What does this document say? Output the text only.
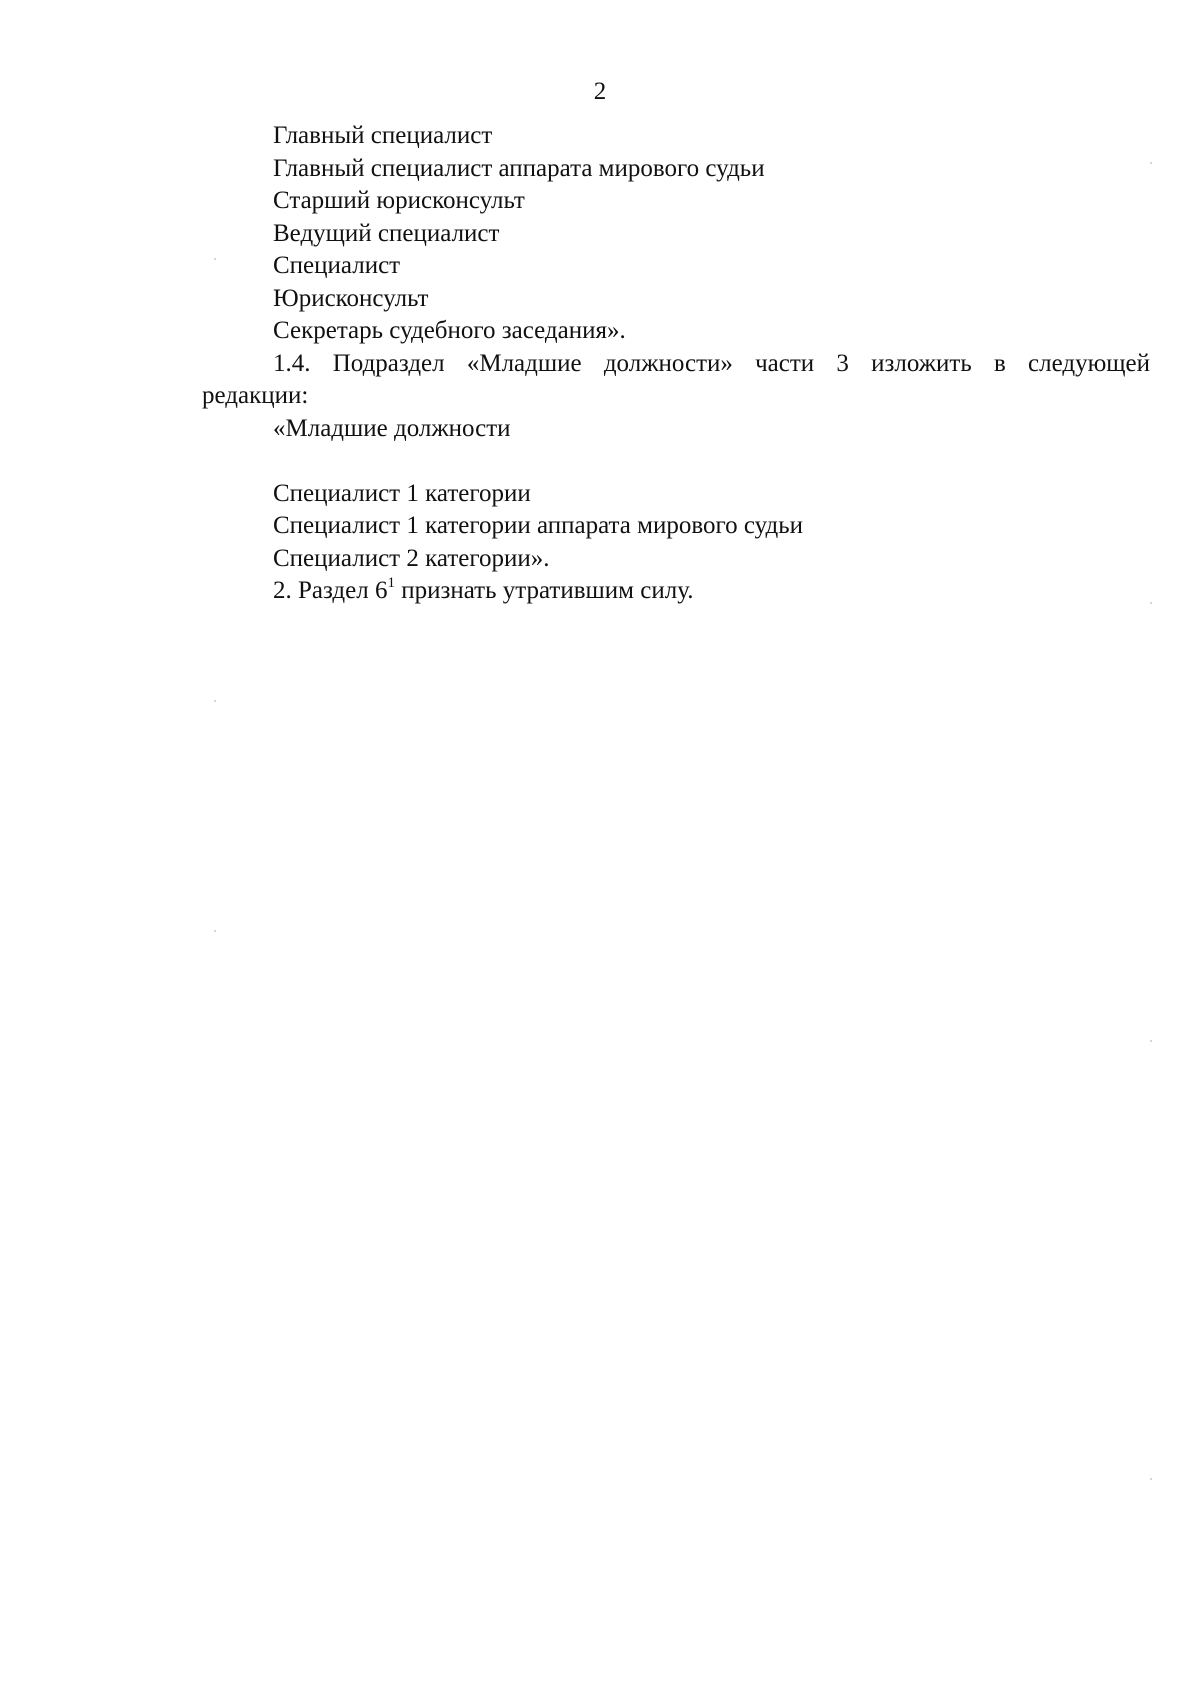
2

Главный специалист

Главный специалист аппарата мирового судьи

Старший юрисконсульт

Ведущий специалист

Специалист

Юрисконсульт

Секретарь судебного заседания».

1.4. Подраздел «Младшие должности» части 3 изложить в следующей

редакции:

«Младшие должности

Специалист 1 категории

Специалист 1 категории аппарата мирового судьи

Специалист 2 категории».

2. Раздел $6^1$ признать утратившим силу.
